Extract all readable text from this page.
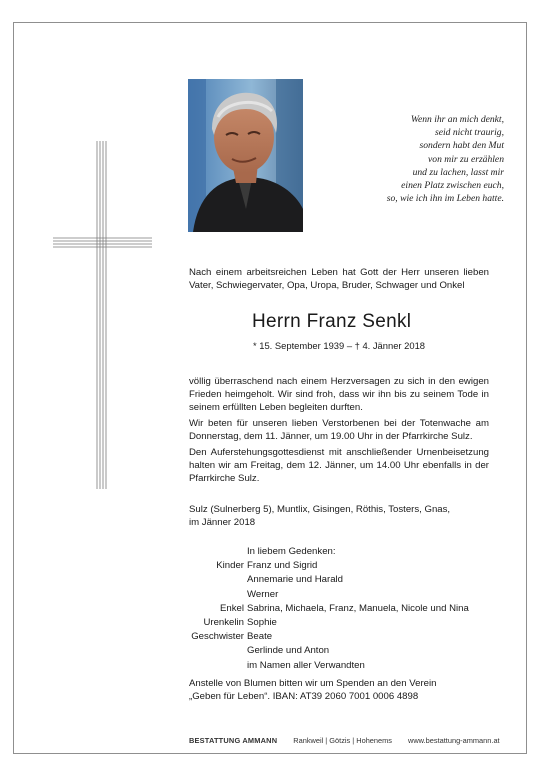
Wenn ihr an mich denkt,
seid nicht traurig,
sondern habt den Mut
von mir zu erzählen
und zu lachen, lasst mir
einen Platz zwischen euch,
so, wie ich ihn im Leben hatte.
Nach einem arbeitsreichen Leben hat Gott der Herr unseren lieben Vater, Schwiegervater, Opa, Uropa, Bruder, Schwager und Onkel
Herrn Franz Senkl
* 15. September 1939 – † 4. Jänner 2018
völlig überraschend nach einem Herzversagen zu sich in den ewigen Frieden heimgeholt. Wir sind froh, dass wir ihn bis zu seinem Tode in seinem erfüllten Leben begleiten durften.
Wir beten für unseren lieben Verstorbenen bei der Totenwache am Donnerstag, dem 11. Jänner, um 19.00 Uhr in der Pfarrkirche Sulz.
Den Auferstehungsgottesdienst mit anschließender Urnenbeisetzung halten wir am Freitag, dem 12. Jänner, um 14.00 Uhr ebenfalls in der Pfarrkirche Sulz.
Sulz (Sulnerberg 5), Muntlix, Gisingen, Röthis, Tosters, Gnas,
im Jänner 2018
In liebem Gedenken:
Kinder Franz und Sigrid
Annemarie und Harald
Werner
Enkel Sabrina, Michaela, Franz, Manuela, Nicole und Nina
Urenkelin Sophie
Geschwister Beate
Gerlinde und Anton
im Namen aller Verwandten
Anstelle von Blumen bitten wir um Spenden an den Verein
„Geben für Leben“. IBAN: AT39 2060 7001 0006 4898
BESTATTUNG AMMANN Rankweil | Götzis | Hohenems www.bestattung-ammann.at
